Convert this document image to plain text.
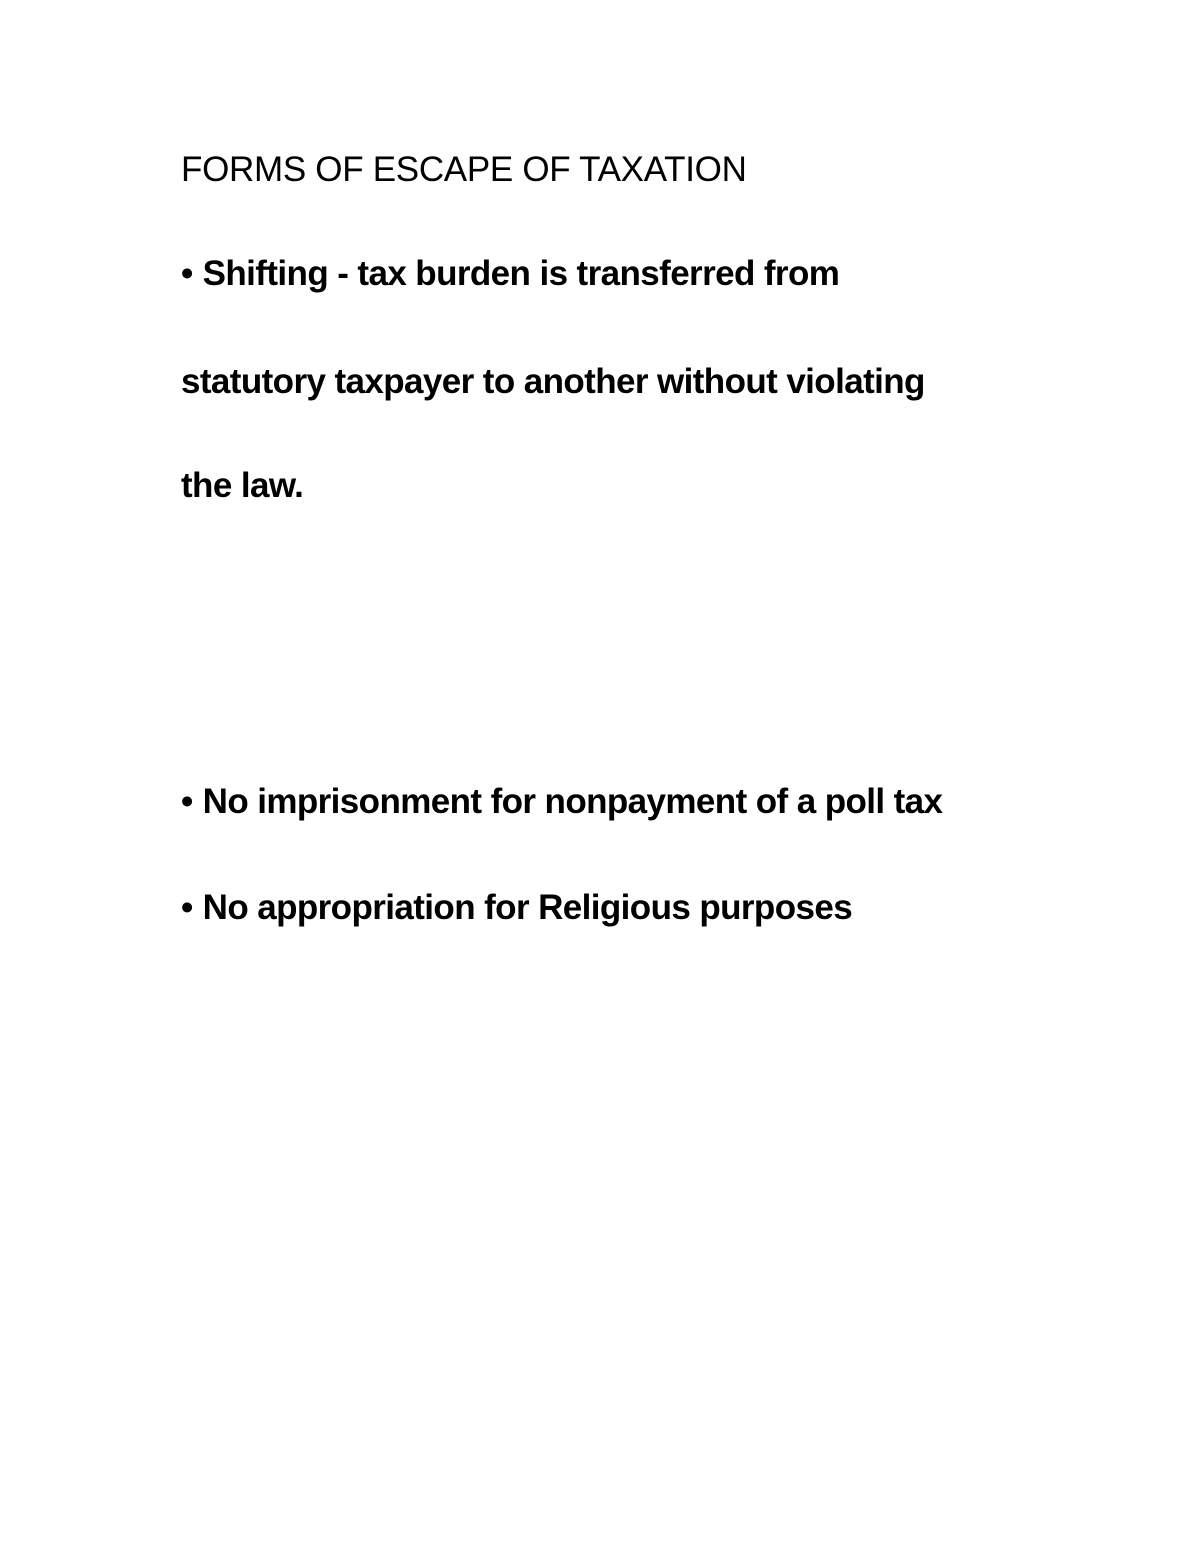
FORMS OF ESCAPE OF TAXATION
• Shifting - tax burden is transferred from
statutory taxpayer to another without violating
the law.
• No imprisonment for nonpayment of a poll tax
• No appropriation for Religious purposes
